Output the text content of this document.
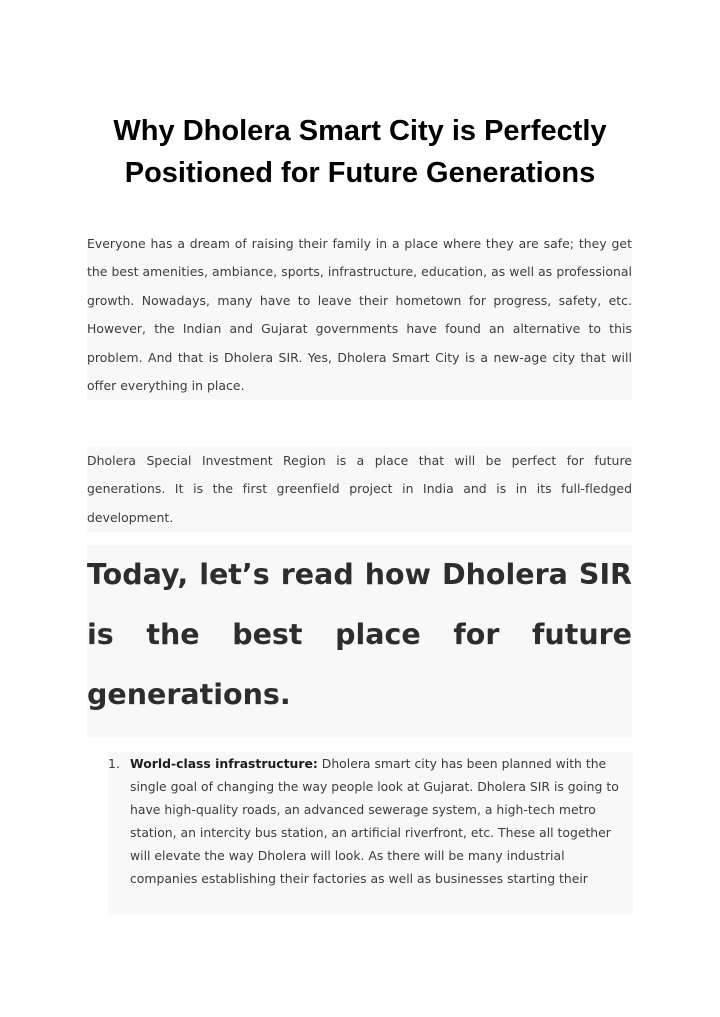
Why Dholera Smart City is Perfectly Positioned for Future Generations

Everyone has a dream of raising their family in a place where they are safe; they get the best amenities, ambiance, sports, infrastructure, education, as well as professional growth. Nowadays, many have to leave their hometown for progress, safety, etc. However, the Indian and Gujarat governments have found an alternative to this problem. And that is Dholera SIR. Yes, Dholera Smart City is a new-age city that will offer everything in place.

Dholera Special Investment Region is a place that will be perfect for future generations. It is the first greenfield project in India and is in its full-fledged development.

Today, let’s read how Dholera SIR is the best place for future generations.
1. World-class infrastructure: Dholera smart city has been planned with the single goal of changing the way people look at Gujarat. Dholera SIR is going to have high-quality roads, an advanced sewerage system, a high-tech metro station, an intercity bus station, an artificial riverfront, etc. These all together will elevate the way Dholera will look. As there will be many industrial companies establishing their factories as well as businesses starting their
